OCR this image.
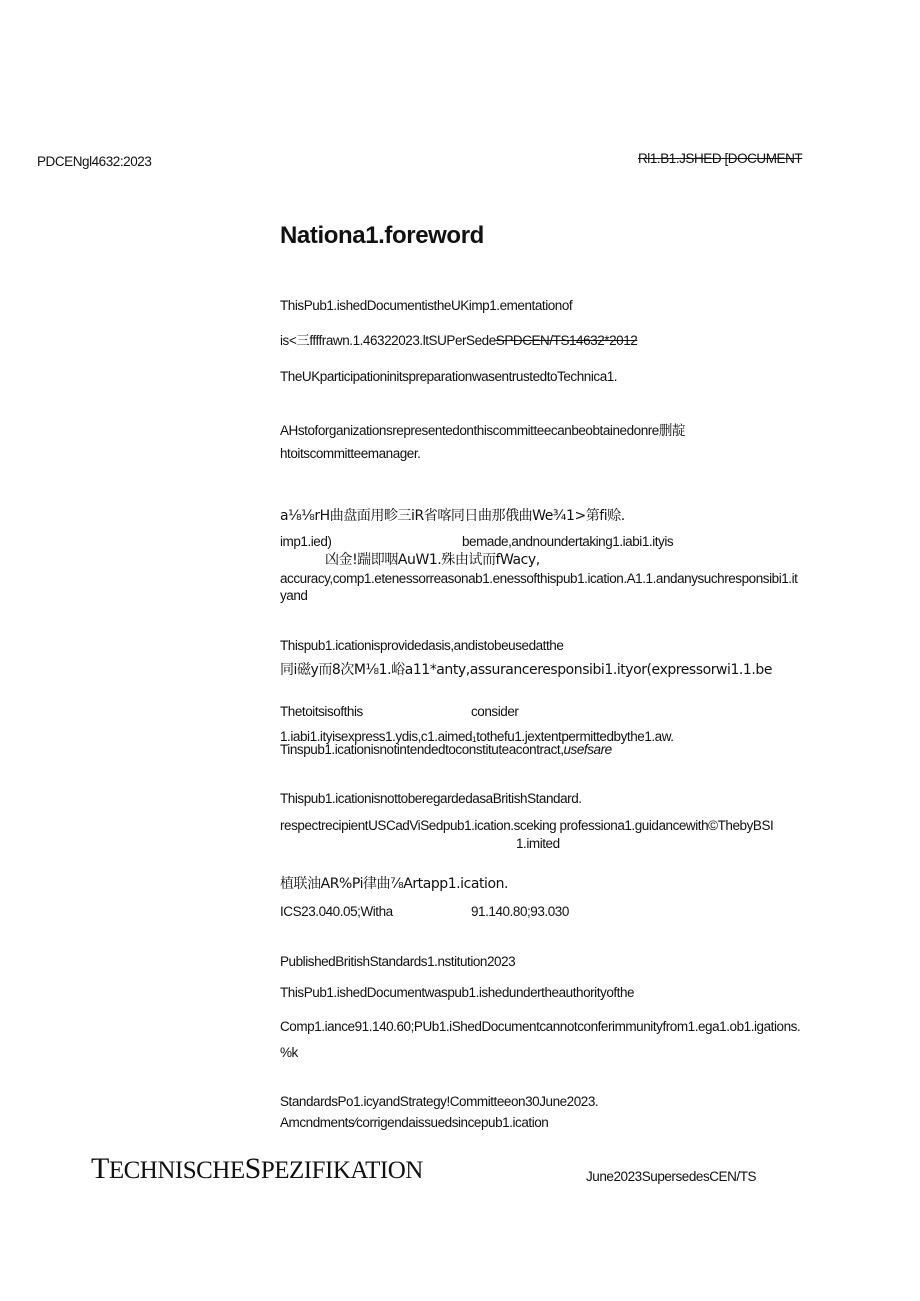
PDCENgl4632:2023	Rl1.B1.JSHED [DOCUMENT
Nationa1.foreword
ThisPub1.ishedDocumentistheUKimp1.ementationof
is<三ffffrawn.1.46322023.ltSUPerSedeSPDCEN/TS14632*2012
TheUKparticipationinitspreparationwasentrustedtoTechnica1.
AHstoforganizationsrepresentedonthiscommitteecanbeobtainedonre删靛
htoitscommitteemanager.
a⅛⅛rH曲盘面用畛三iR省喀同日曲那俄曲We¾1>第fi赊.
imp1.ied)	bemade,andnoundertaking1.iabi1.ityis
凶金!踹即咽AuW1.殊由试而fWacy,
accuracy,comp1.etenessorreasonab1.enessofthispub1.ication.A1.1.andanysuchresponsibi1.it
yand
Thispub1.icationisprovidedasis,andistobeusedatthe
同i磁y而8次M⅛1.峪a11*anty,assuranceresponsibi1.ityor(expressorwi1.1.be
Thetoitsisofthis	consider
1.iabi1.ityisexpress1.ydis,c1.aimed₁tothefu1.jextentpermittedbythe1.aw.
Tinspub1.icationisnotintendedtoconstituteacontract,usefsare
Thispub1.icationisnottoberegardedasaBritishStandard.
respectrecipientUSCadViSedpub1.ication.sceking professiona1.guidancewith©ThebyBSI
1.imited
植联油AR%Pi律曲⅞Artapp1.ication.
ICS23.040.05;Witha	91.140.80;93.030
PublishedBritishStandards1.nstitution2023
ThisPub1.ishedDocumentwaspub1.ishedundertheauthorityofthe
Comp1.iance91.140.60;PUb1.iShedDocumentcannotconferimmunityfrom1.ega1.ob1.igations.
%k
StandardsPo1.icyandStrategy!Committeeon30June2023.
Amcndments⁄corrigendaissuedsincepub1.ication
TECHNISCHESPEZIFIKATION	June2023SupersedesCEN/TS
